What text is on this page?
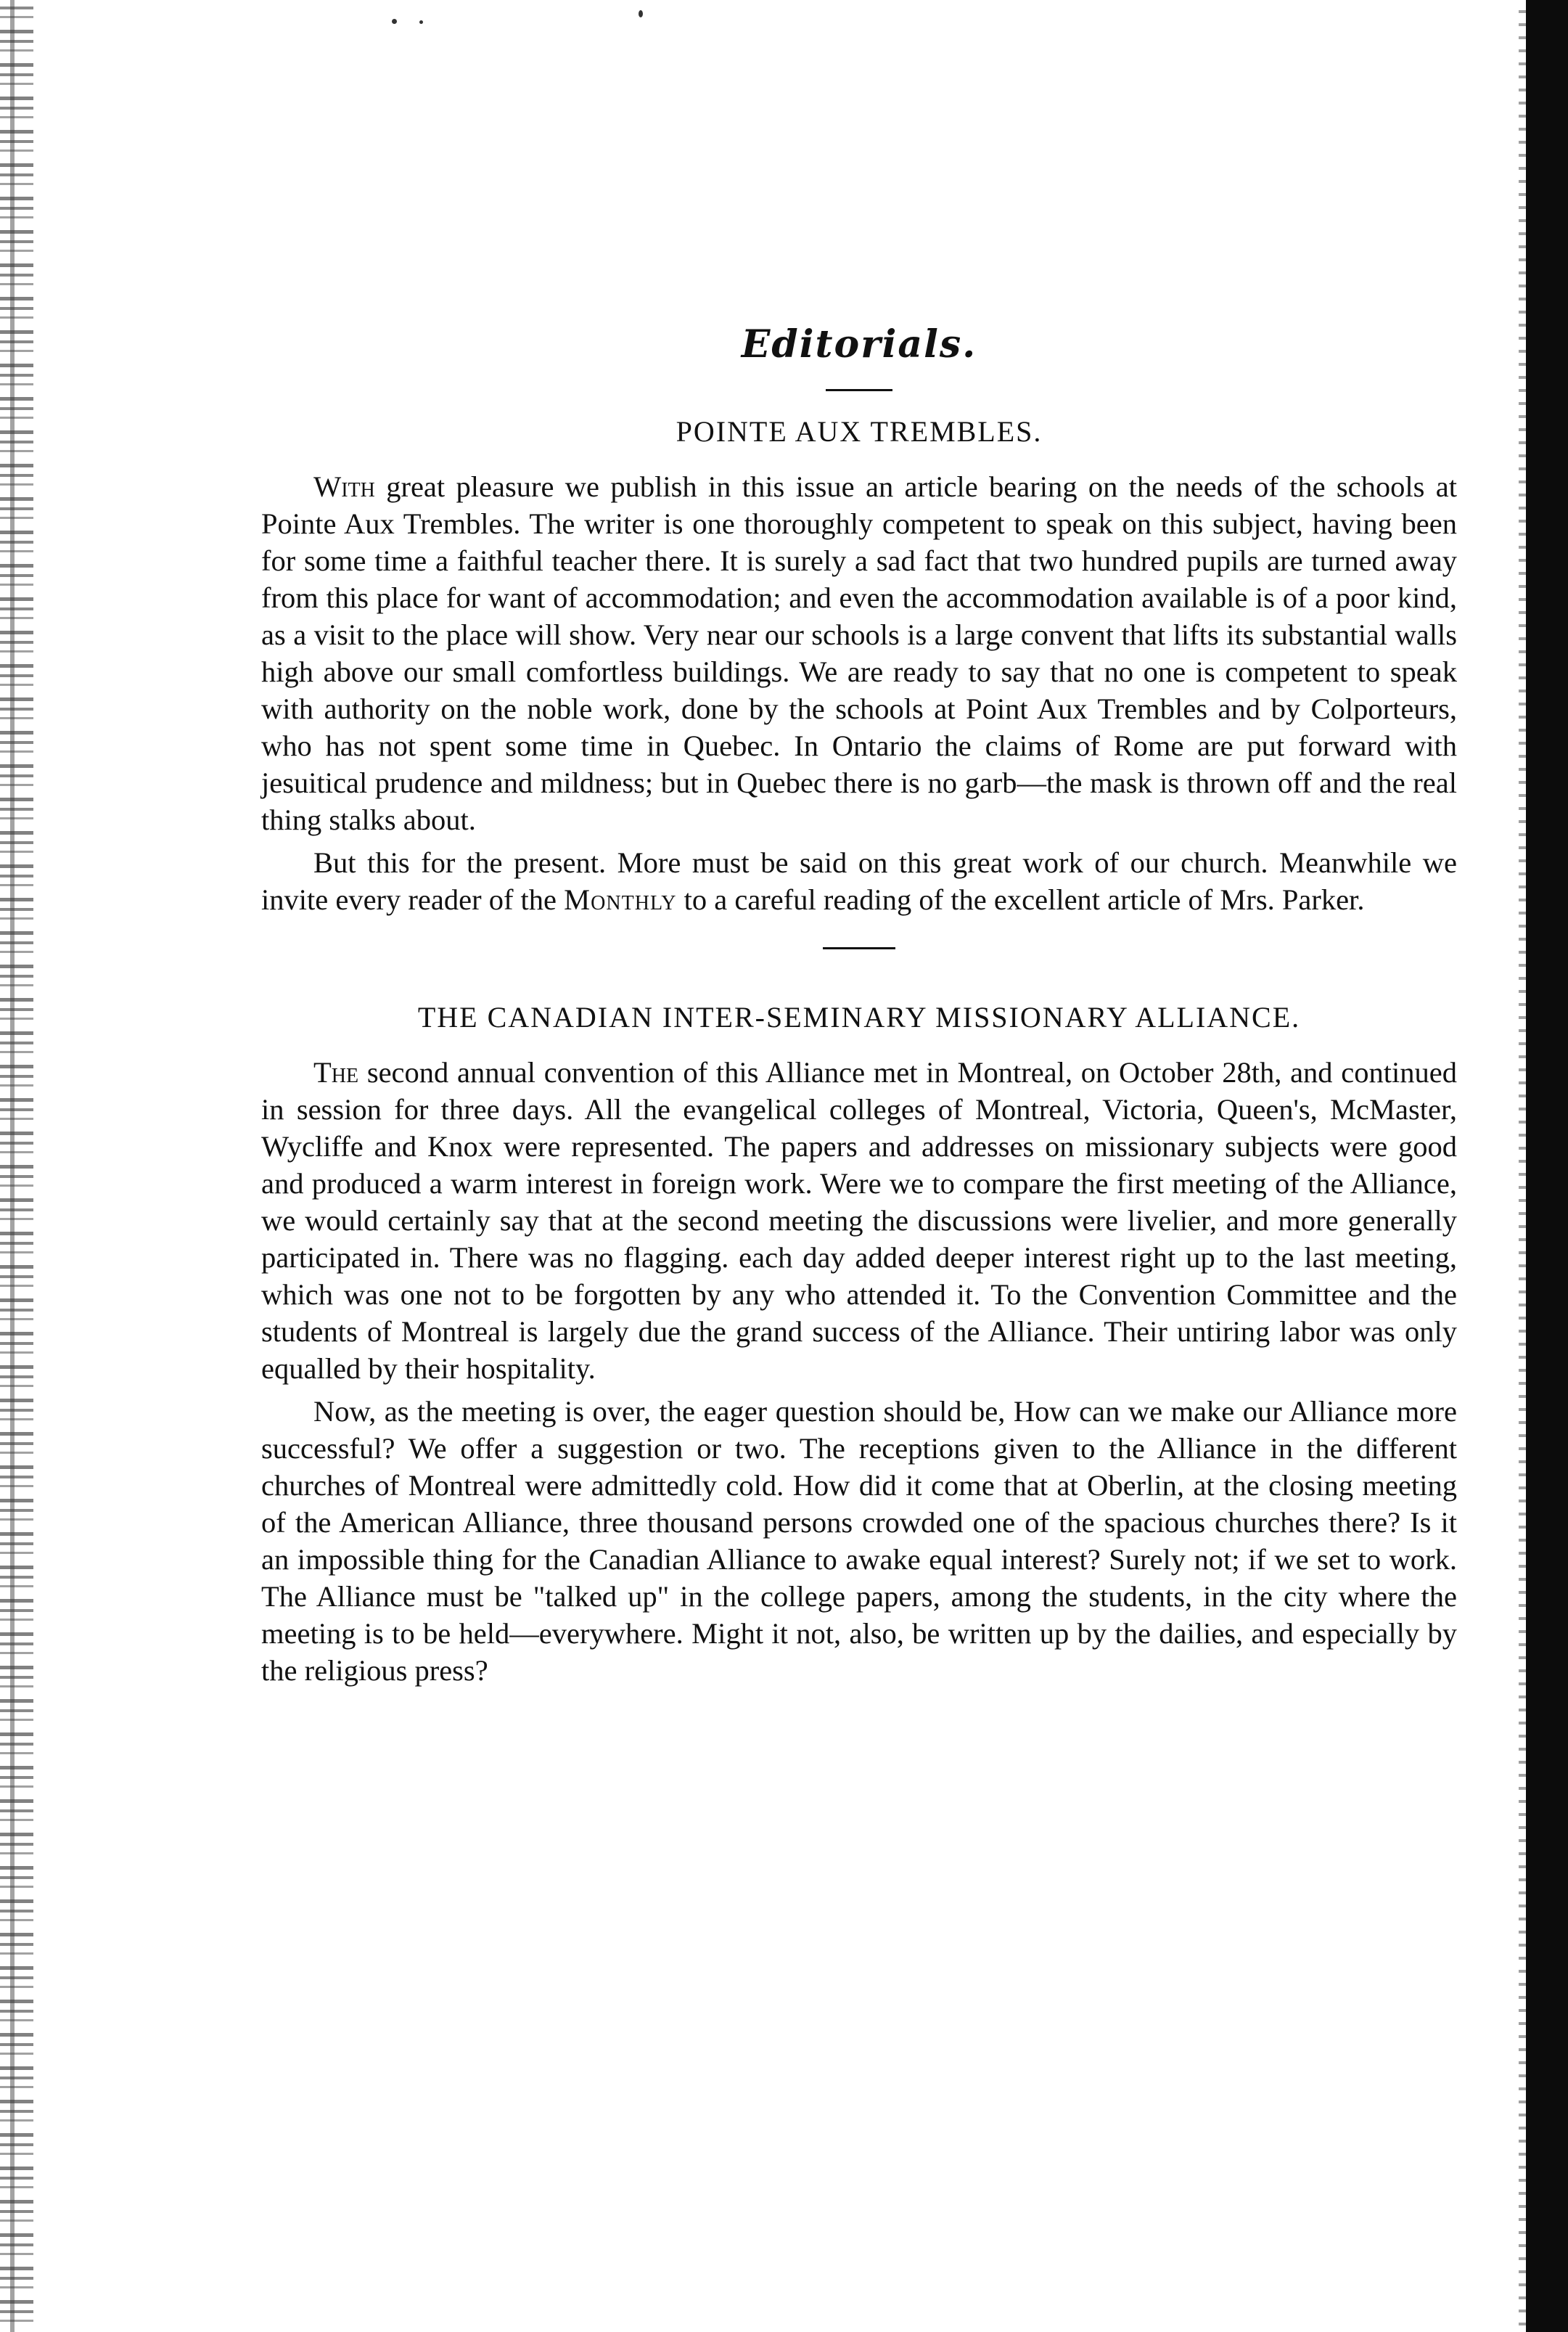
Editorials.
POINTE AUX TREMBLES.

With great pleasure we publish in this issue an article bearing on the needs of the schools at Pointe Aux Trembles. The writer is one thoroughly competent to speak on this subject, having been for some time a faithful teacher there. It is surely a sad fact that two hundred pupils are turned away from this place for want of accommodation; and even the accommodation available is of a poor kind, as a visit to the place will show. Very near our schools is a large convent that lifts its substantial walls high above our small comfortless buildings. We are ready to say that no one is competent to speak with authority on the noble work, done by the schools at Point Aux Trembles and by Colporteurs, who has not spent some time in Quebec. In Ontario the claims of Rome are put forward with jesuitical prudence and mildness; but in Quebec there is no garb—the mask is thrown off and the real thing stalks about.

But this for the present. More must be said on this great work of our church. Meanwhile we invite every reader of the Monthly to a careful reading of the excellent article of Mrs. Parker.

THE CANADIAN INTER-SEMINARY MISSIONARY ALLIANCE.

The second annual convention of this Alliance met in Montreal, on October 28th, and continued in session for three days. All the evangelical colleges of Montreal, Victoria, Queen's, McMaster, Wycliffe and Knox were represented. The papers and addresses on missionary subjects were good and produced a warm interest in foreign work. Were we to compare the first meeting of the Alliance, we would certainly say that at the second meeting the discussions were livelier, and more generally participated in. There was no flagging. each day added deeper interest right up to the last meeting, which was one not to be forgotten by any who attended it. To the Convention Committee and the students of Montreal is largely due the grand success of the Alliance. Their untiring labor was only equalled by their hospitality.

Now, as the meeting is over, the eager question should be, How can we make our Alliance more successful? We offer a suggestion or two. The receptions given to the Alliance in the different churches of Montreal were admittedly cold. How did it come that at Oberlin, at the closing meeting of the American Alliance, three thousand persons crowded one of the spacious churches there? Is it an impossible thing for the Canadian Alliance to awake equal interest? Surely not; if we set to work. The Alliance must be "talked up" in the college papers, among the students, in the city where the meeting is to be held—everywhere. Might it not, also, be written up by the dailies, and especially by the religious press?
